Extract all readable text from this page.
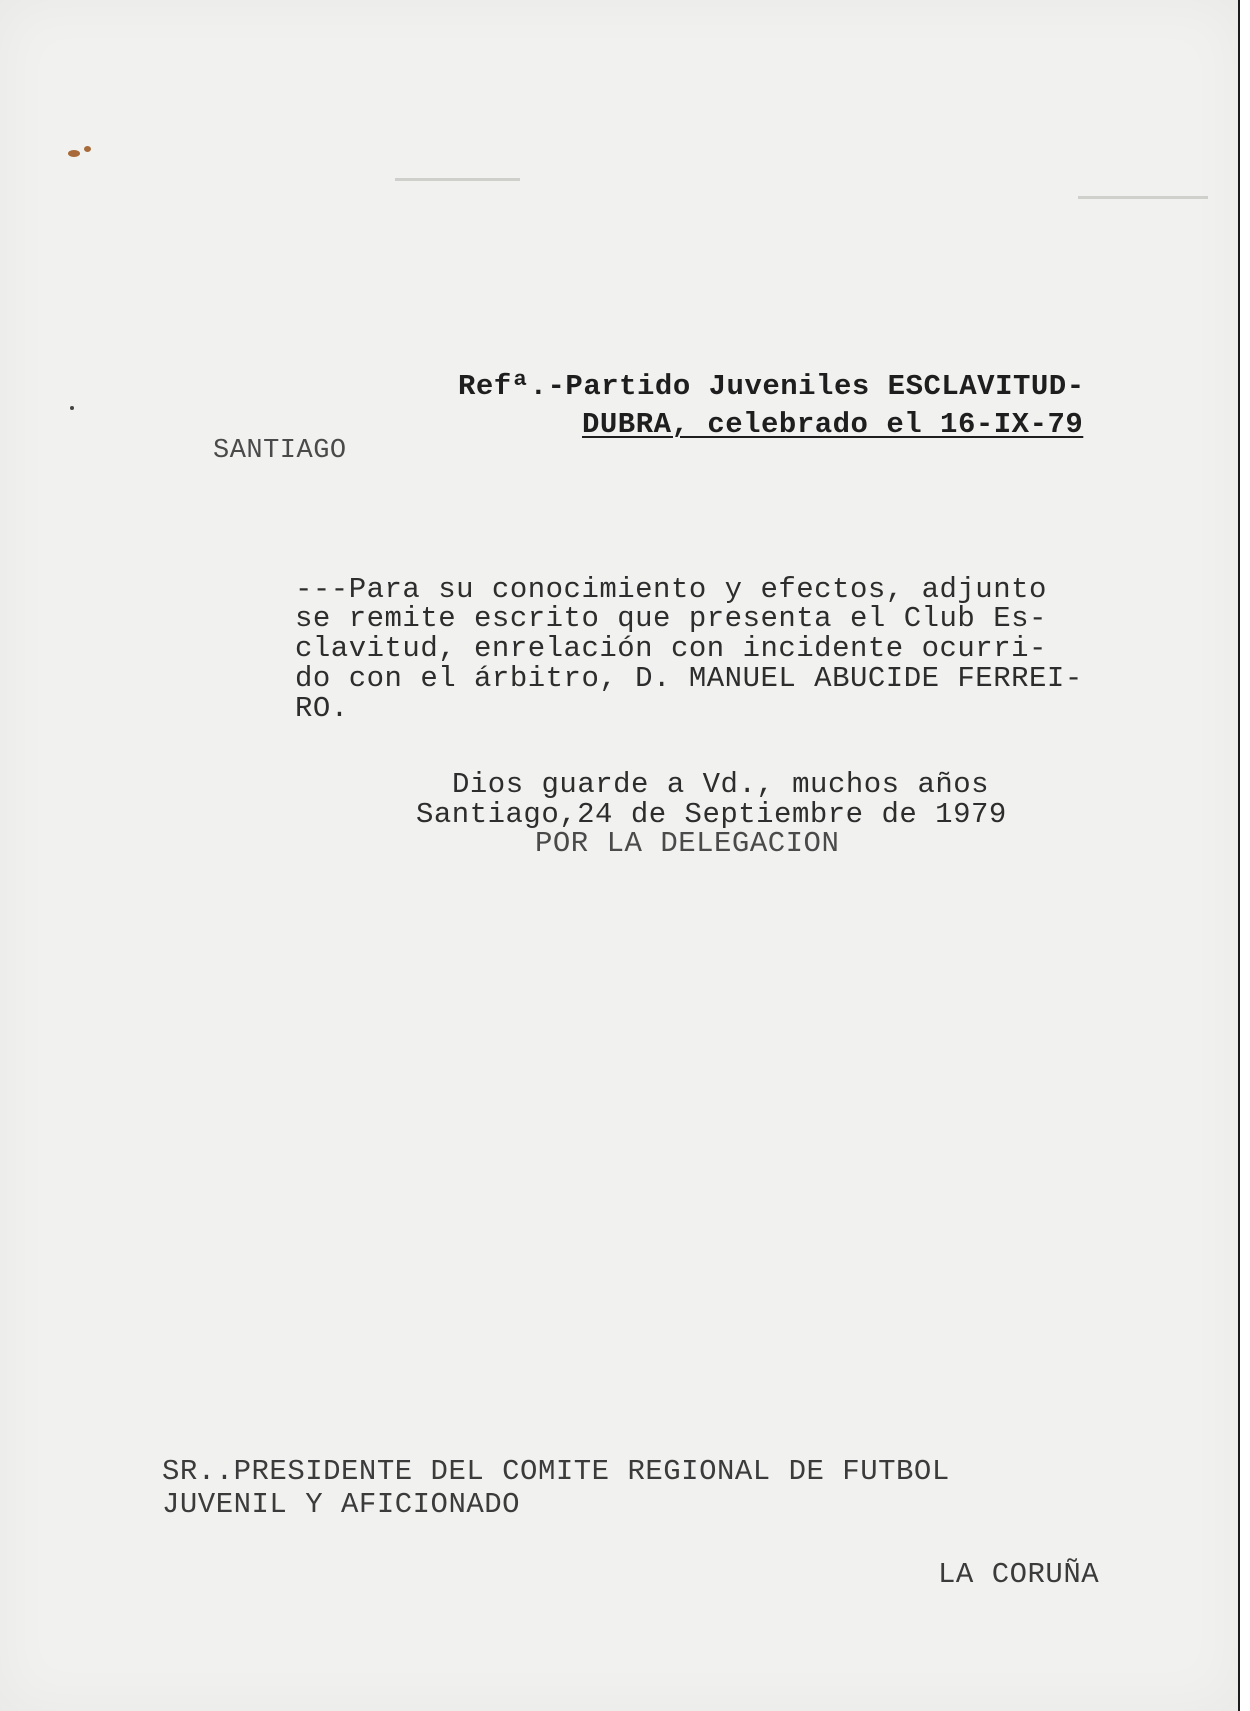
Refª.-Partido Juveniles ESCLAVITUD-
DUBRA, celebrado el 16-IX-79
SANTIAGO
---Para su conocimiento y efectos, adjunto
se remite escrito que presenta el Club Es-
clavitud, enrelación con incidente ocurri-
do con el árbitro, D. MANUEL ABUCIDE FERREI-
RO.
Dios guarde a Vd., muchos años
Santiago,24 de Septiembre de 1979
POR LA DELEGACION
SR..PRESIDENTE DEL COMITE REGIONAL DE FUTBOL
JUVENIL Y AFICIONADO
LA CORUÑA
